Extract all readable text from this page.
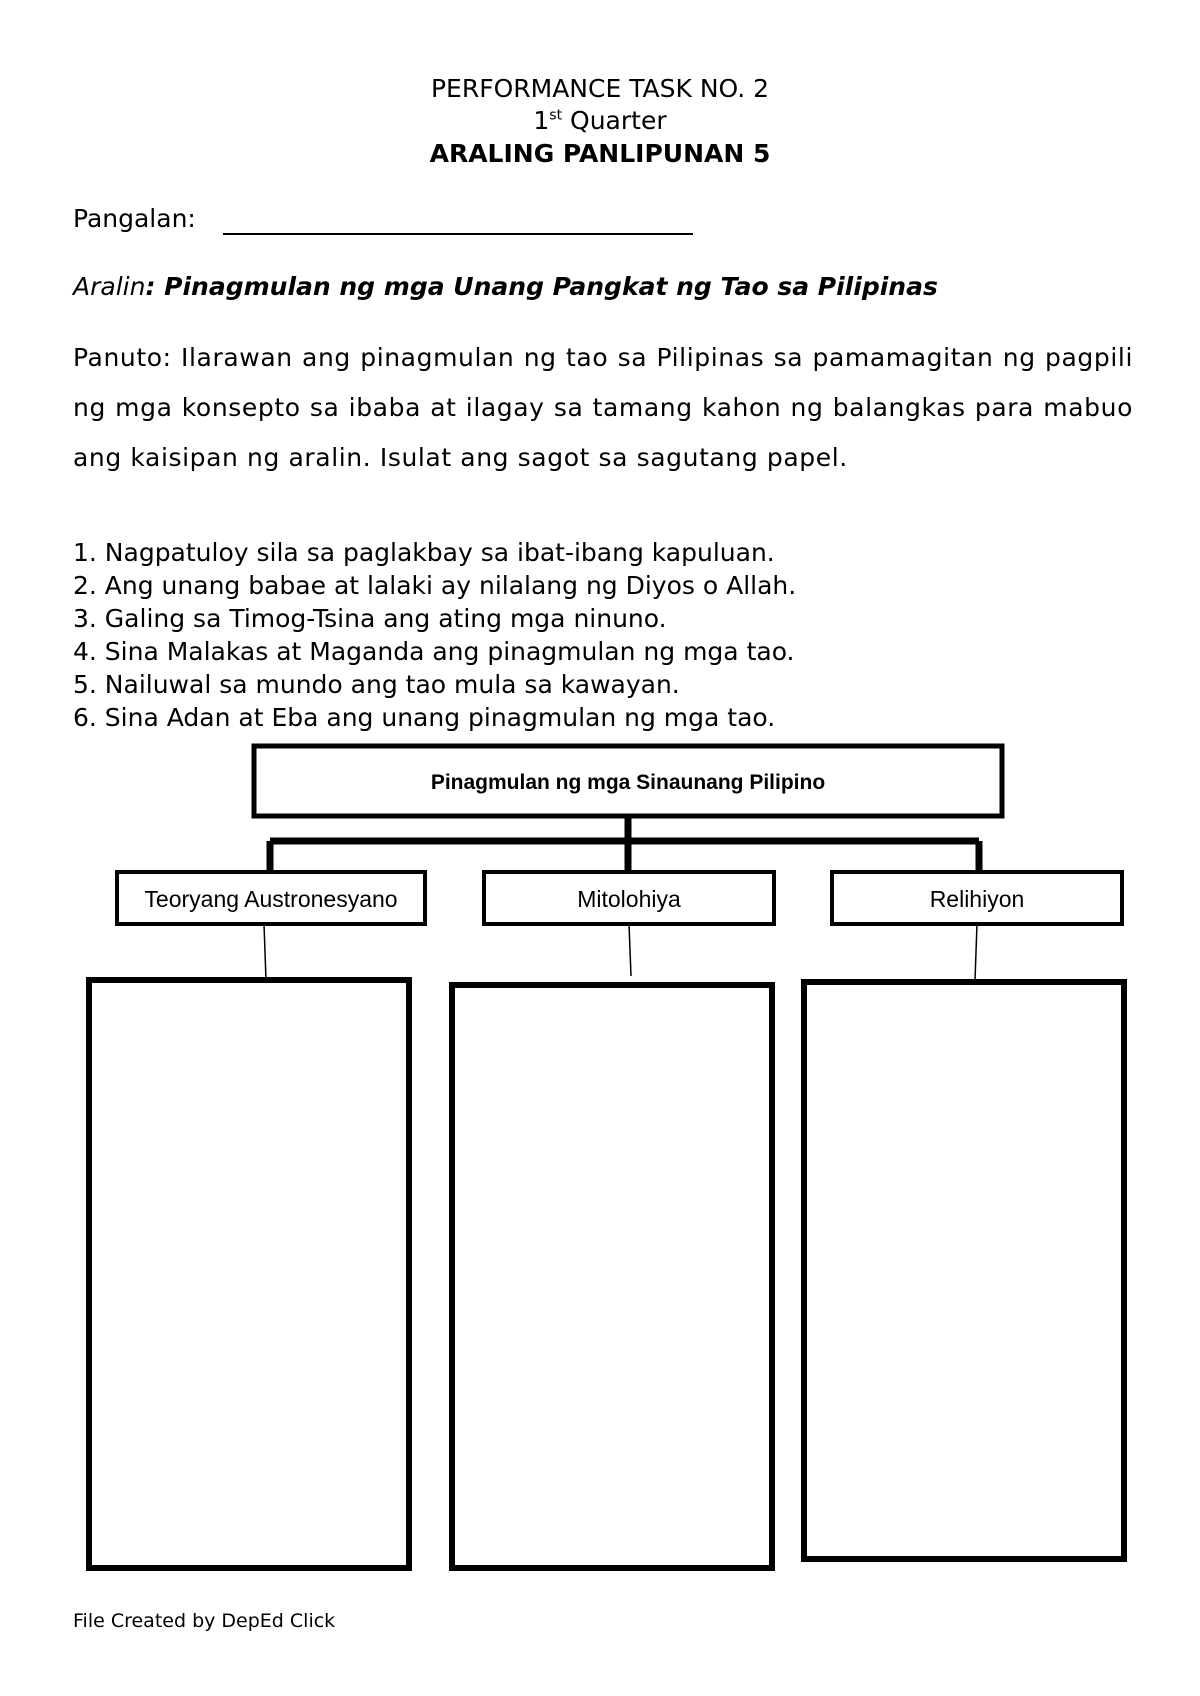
PERFORMANCE TASK NO. 2
1st Quarter
ARALING PANLIPUNAN 5
Pangalan:
Aralin: Pinagmulan ng mga Unang Pangkat ng Tao sa Pilipinas
Panuto: Ilarawan ang pinagmulan ng tao sa Pilipinas sa pamamagitan ng pagpili ng mga konsepto sa ibaba at ilagay sa tamang kahon ng balangkas para mabuo ang kaisipan ng aralin. Isulat ang sagot sa sagutang papel.
1. Nagpatuloy sila sa paglakbay sa ibat-ibang kapuluan.
2. Ang unang babae at lalaki ay nilalang ng Diyos o Allah.
3. Galing sa Timog-Tsina ang ating mga ninuno.
4. Sina Malakas at Maganda ang pinagmulan ng mga tao.
5. Nailuwal sa mundo ang tao mula sa kawayan.
6. Sina Adan at Eba ang unang pinagmulan ng mga tao.
Pinagmulan ng mga Sinaunang Pilipino
Teoryang Austronesyano	Mitolohiya	Relihiyon
File Created by DepEd Click
